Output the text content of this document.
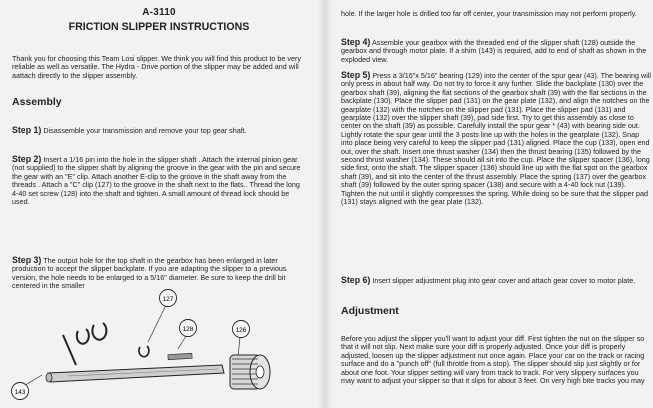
A-3110
FRICTION SLIPPER INSTRUCTIONS

Thank you for choosing this Team Losi slipper. We think you will find this product to be very reliable as well as versatile. The Hydra - Drive portion of the slipper may be added and will aattach directly to the slipper assembly.

Assembly

Step 1) Disassemble your transmission and remove your top gear shaft.

Step 2) Insert a 1/16 pin into the hole in the slipper shaft . Attach the internal pinion gear (not supplied) to the slipper shaft by aligning the groove in the gear with the pin and secure the gear with an "E" clip. Attach another E-clip to the groove in the shaft away from the threads . Attach a "C" clip (127) to the groove in the shaft next to the flats.. Thread the long 4-40 set screw (128) into the shaft and tighten. A small amount of thread lock should be used.

Step 3) The output hole for the top shaft in the gearbox has been enlarged in later production to accept the slipper backplate. If you are adapting the slipper to a previous version, the hole needs to be enlarged to a 5/16" diameter. Be sure to keep the drill bit centered in the smaller

127
128	126
143

hole. If the larger hole is drilled too far off center, your transmission may not perform properly.

Step 4) Assemble your gearbox with the threaded end of the slipper shaft (128) outside the gearbox and through motor plate. If a shim (143) is required, add to end of shaft as shown in the exploded view.

Step 5) Press a 3/16"x 5/16" bearing (129) into the center of the spur gear (43). The bearing will only press in about half way. Do not try to force it any further. Slide the backplate (130) over the gearbox shaft (39), aligning the flat sections of the gearbox shaft (39) with the flat sections in the backplate (130). Place the slipper pad (131) on the gear plate (132), and align the notches on the gearplate (132) with the notches on the slipper pad (131). Place the slipper pad (131) and gearplate (132) over the slipper shaft (39), pad side first. Try to get this assembly as close to center on the shaft (39) as possible. Carefully install the spur gear * (43) with bearing side out. Lightly rotate the spur gear until the 3 posts line up with the holes in the gearplate (132). Snap into place being very careful to keep the slipper pad (131) aligned. Place the cup (133), open end out, over the shaft. Insert one thrust washer (134) then the thrust bearing (135) followed by the second thrust washer (134). These should all sit into the cup. Place the slipper spacer (136), long side first, onto the shaft. The slipper spacer (136) should line up with the flat spot on the gearbox shaft (39), and sit into the center of the thrust assembly. Place the spring (137) over the gearbox shaft (39) followed by the outer spring spacer (138) and secure with a 4-40 lock nut (139). Tighten the nut until it slightly compresses the spring. While doing so be sure that the slipper pad (131) stays aligned with the gear plate (132).

Step 6) Insert slipper adjustment plug into gear cover and attach gear cover to motor plate.

Adjustment

Before you adjust the slipper you'll want to adjust your diff. First tighten the nut on the slipper so that it will not slip. Next make sure your diff is properly adjusted. Once your diff is properly adjusted, loosen up the slipper adjustment nut once again. Place your car on the track or racing surface and do a "punch off" (full throttle from a stop). The slipper should slip just slightly or for about one foot. Your slipper setting will vary from track to track. For very slippery surfaces you may want to adjust your slipper so that it slips for about 3 feet. On very high bite tracks you may
